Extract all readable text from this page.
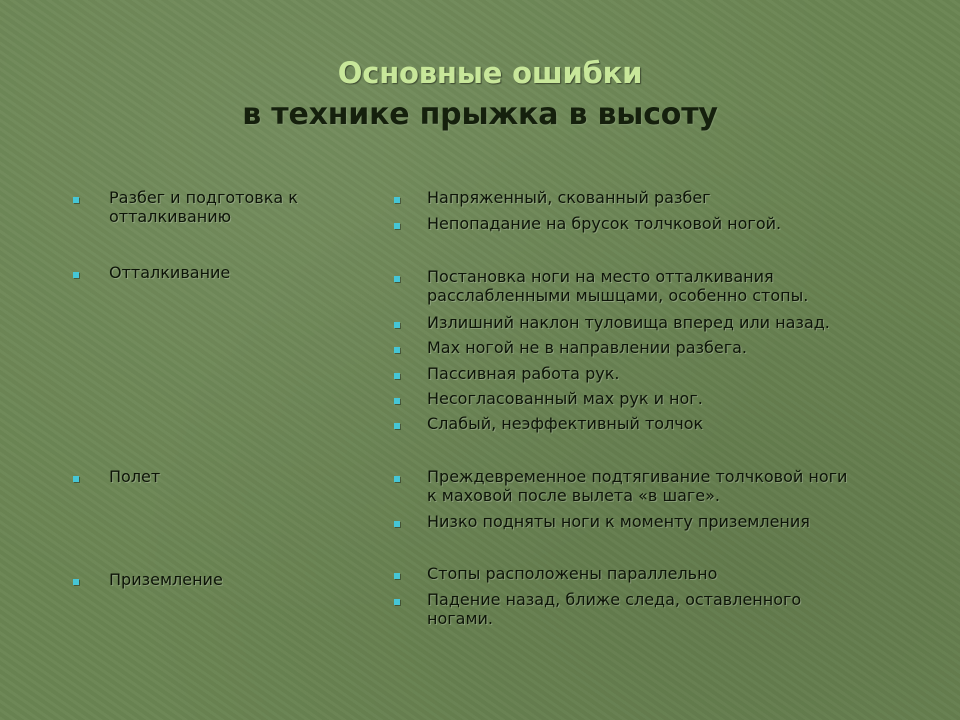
Основные ошибки
в технике прыжка в высоту
Разбег и подготовка к
отталкиванию
Отталкивание
Полет
Приземление
Напряженный, скованный разбег
Непопадание на брусок толчковой ногой.
Постановка ноги на место отталкивания
расслабленными мышцами, особенно стопы.
Излишний наклон туловища вперед или назад.
Мах ногой не в направлении разбега.
Пассивная работа рук.
Несогласованный мах рук и ног.
Слабый, неэффективный толчок
Преждевременное подтягивание толчковой ноги
к маховой после вылета «в шаге».
Низко подняты ноги к моменту приземления
Стопы расположены параллельно
Падение назад, ближе следа, оставленного
ногами.
